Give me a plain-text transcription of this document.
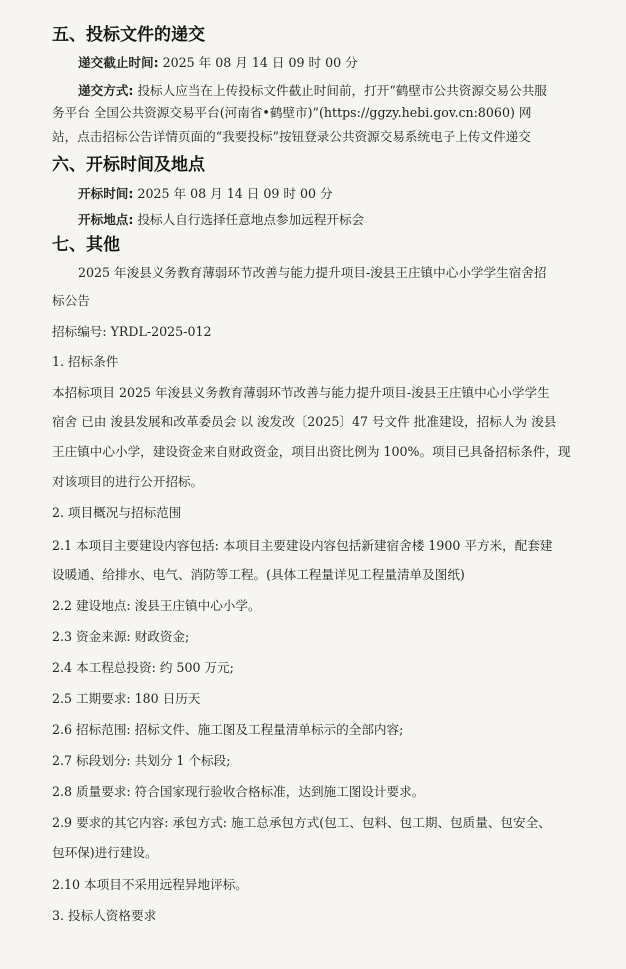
五、投标文件的递交
递交截止时间: 2025 年 08 月 14 日 09 时 00 分
递交方式: 投标人应当在上传投标文件截止时间前，打开“鹤壁市公共资源交易公共服
务平台 全国公共资源交易平台(河南省•鹤壁市)”(https://ggzy.hebi.gov.cn:8060) 网
站，点击招标公告详情页面的“我要投标”按钮登录公共资源交易系统电子上传文件递交
六、开标时间及地点
开标时间: 2025 年 08 月 14 日 09 时 00 分
开标地点: 投标人自行选择任意地点参加远程开标会
七、其他
2025 年浚县义务教育薄弱环节改善与能力提升项目-浚县王庄镇中心小学学生宿舍招
标公告
招标编号: YRDL-2025-012
1. 招标条件
本招标项目 2025 年浚县义务教育薄弱环节改善与能力提升项目-浚县王庄镇中心小学学生
宿舍 已由 浚县发展和改革委员会 以 浚发改〔2025〕47 号文件 批准建设，招标人为 浚县
王庄镇中心小学，建设资金来自财政资金，项目出资比例为 100%。项目已具备招标条件，现
对该项目的进行公开招标。
2. 项目概况与招标范围
2.1 本项目主要建设内容包括: 本项目主要建设内容包括新建宿舍楼 1900 平方米，配套建
设暖通、给排水、电气、消防等工程。(具体工程量详见工程量清单及图纸)
2.2 建设地点: 浚县王庄镇中心小学。
2.3 资金来源: 财政资金;
2.4 本工程总投资: 约 500 万元;
2.5 工期要求: 180 日历天
2.6 招标范围: 招标文件、施工图及工程量清单标示的全部内容;
2.7 标段划分: 共划分 1 个标段;
2.8 质量要求: 符合国家现行验收合格标准，达到施工图设计要求。
2.9 要求的其它内容: 承包方式: 施工总承包方式(包工、包料、包工期、包质量、包安全、
包环保)进行建设。
2.10 本项目不采用远程异地评标。
3. 投标人资格要求
